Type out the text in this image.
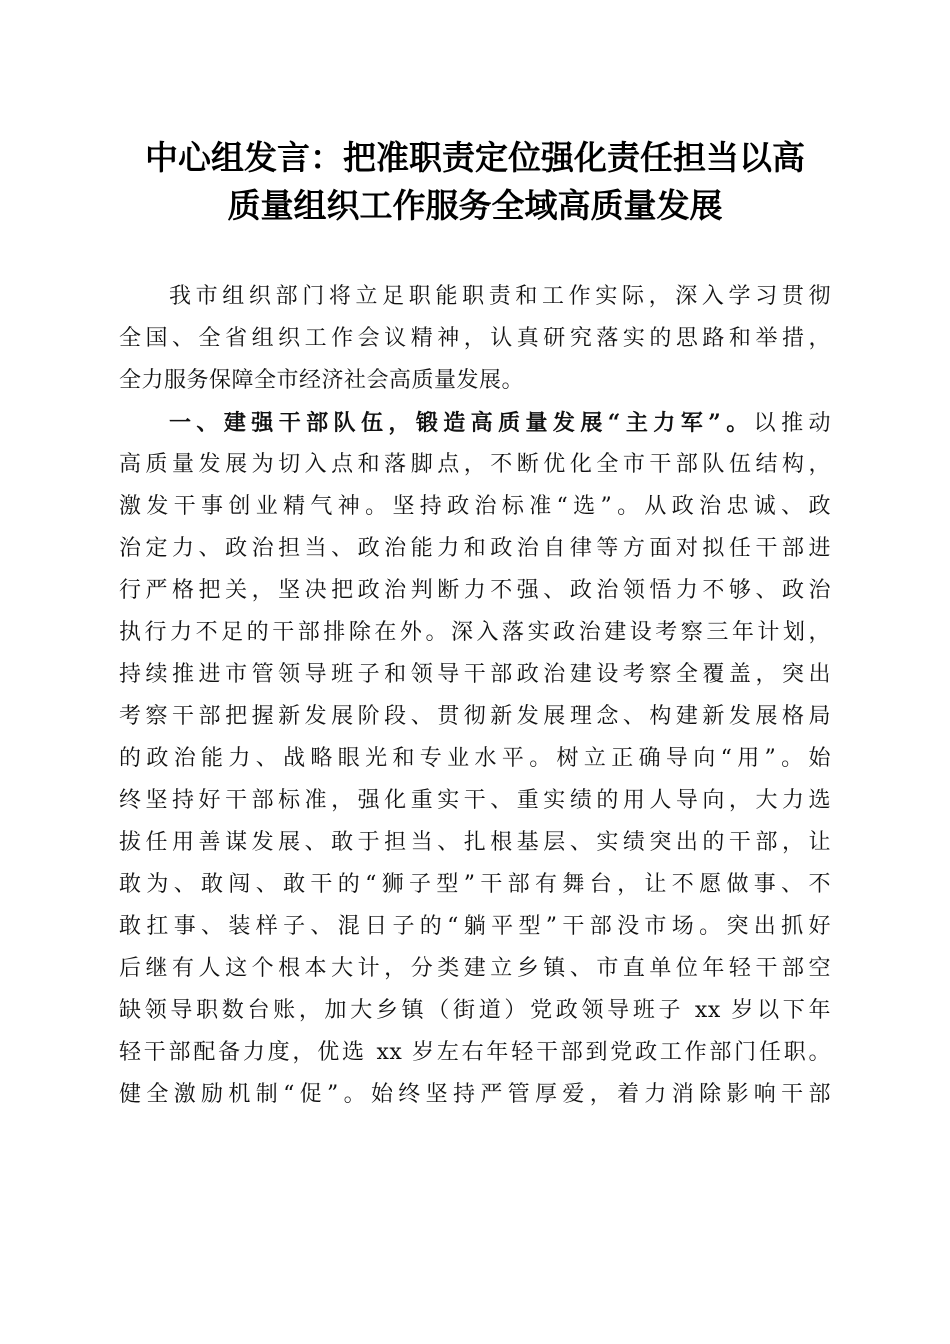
中心组发言：把准职责定位强化责任担当以高
质量组织工作服务全域高质量发展
我市组织部门将立足职能职责和工作实际，深入学习贯彻
全国、全省组织工作会议精神，认真研究落实的思路和举措，
全力服务保障全市经济社会高质量发展。
一、建强干部队伍，锻造高质量发展“主力军”。以推动
高质量发展为切入点和落脚点，不断优化全市干部队伍结构，
激发干事创业精气神。坚持政治标准“选”。从政治忠诚、政
治定力、政治担当、政治能力和政治自律等方面对拟任干部进
行严格把关，坚决把政治判断力不强、政治领悟力不够、政治
执行力不足的干部排除在外。深入落实政治建设考察三年计划，
持续推进市管领导班子和领导干部政治建设考察全覆盖，突出
考察干部把握新发展阶段、贯彻新发展理念、构建新发展格局
的政治能力、战略眼光和专业水平。树立正确导向“用”。始
终坚持好干部标准，强化重实干、重实绩的用人导向，大力选
拔任用善谋发展、敢于担当、扎根基层、实绩突出的干部，让
敢为、敢闯、敢干的“狮子型”干部有舞台，让不愿做事、不
敢扛事、装样子、混日子的“躺平型”干部没市场。突出抓好
后继有人这个根本大计，分类建立乡镇、市直单位年轻干部空
缺领导职数台账，加大乡镇（街道）党政领导班子 xx 岁以下年
轻干部配备力度，优选 xx 岁左右年轻干部到党政工作部门任职。
健全激励机制“促”。始终坚持严管厚爱，着力消除影响干部
